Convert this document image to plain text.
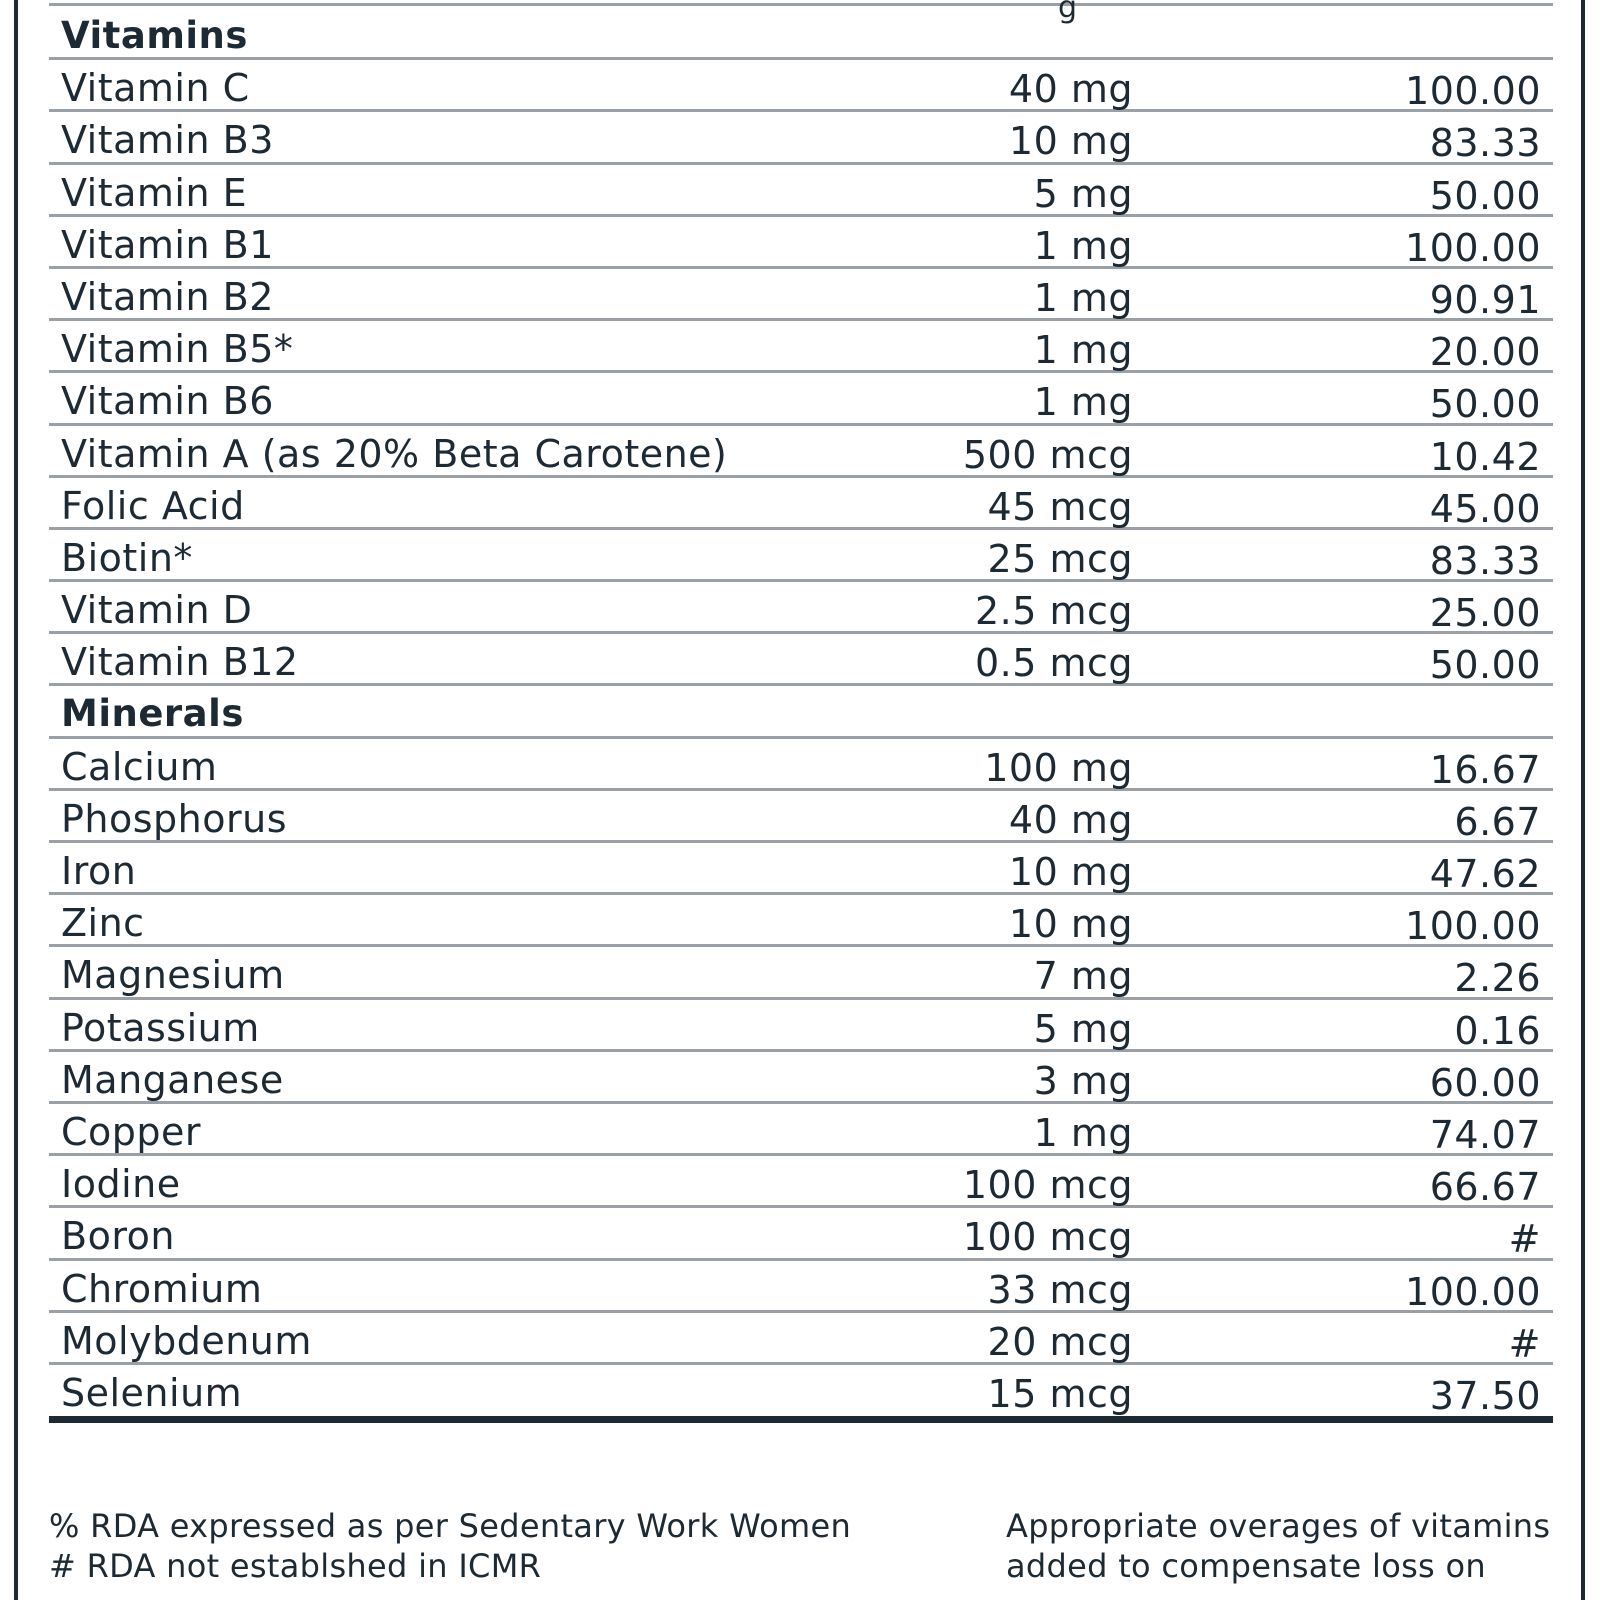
g
Vitamins
Vitamin C	40 mg	100.00
Vitamin B3	10 mg	83.33
Vitamin E	5 mg	50.00
Vitamin B1	1 mg	100.00
Vitamin B2	1 mg	90.91
Vitamin B5*	1 mg	20.00
Vitamin B6	1 mg	50.00
Vitamin A (as 20% Beta Carotene)	500 mcg	10.42
Folic Acid	45 mcg	45.00
Biotin*	25 mcg	83.33
Vitamin D	2.5 mcg	25.00
Vitamin B12	0.5 mcg	50.00
Minerals
Calcium	100 mg	16.67
Phosphorus	40 mg	6.67
Iron	10 mg	47.62
Zinc	10 mg	100.00
Magnesium	7 mg	2.26
Potassium	5 mg	0.16
Manganese	3 mg	60.00
Copper	1 mg	74.07
Iodine	100 mcg	66.67
Boron	100 mcg	#
Chromium	33 mcg	100.00
Molybdenum	20 mcg	#
Selenium	15 mcg	37.50
% RDA expressed as per Sedentary Work Women
# RDA not establshed in ICMR
Appropriate overages of vitamins
added to compensate loss on
